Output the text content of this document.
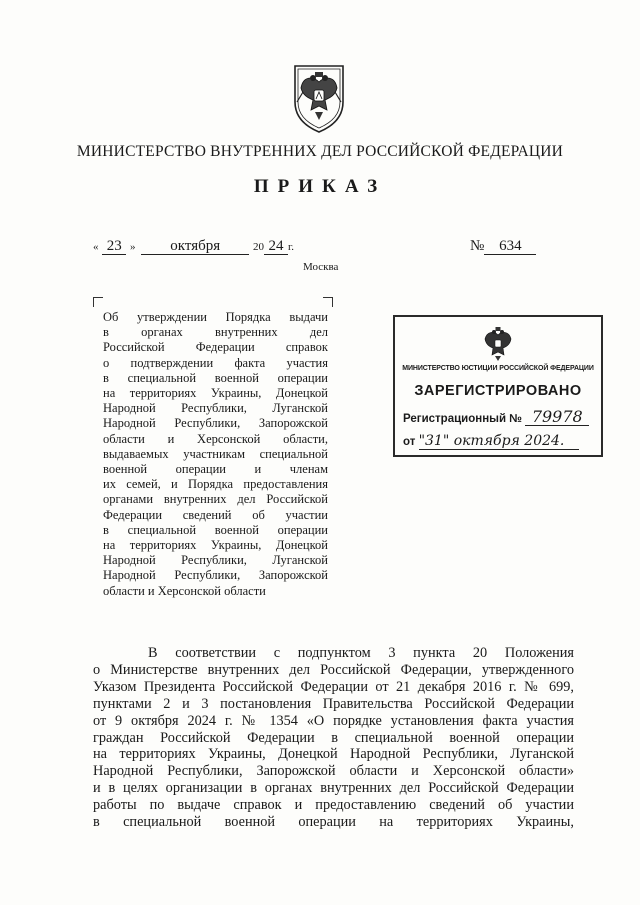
МИНИСТЕРСТВО ВНУТРЕННИХ ДЕЛ РОССИЙСКОЙ ФЕДЕРАЦИИ
ПРИКАЗ
« 23 » октября	20 24 г.	№ 634
Москва
Об утверждении Порядка выдачи
в органах внутренних дел
Российской Федерации справок
о подтверждении факта участия
в специальной военной операции
на территориях Украины, Донецкой
Народной Республики, Луганской
Народной Республики, Запорожской
области и Херсонской области,
выдаваемых участникам специальной
военной операции и членам
их семей, и Порядка предоставления
органами внутренних дел Российской
Федерации сведений об участии
в специальной военной операции
на территориях Украины, Донецкой
Народной Республики, Луганской
Народной Республики, Запорожской
области и Херсонской области
МИНИСТЕРСТВО ЮСТИЦИИ РОССИЙСКОЙ ФЕДЕРАЦИИ
ЗАРЕГИСТРИРОВАНО
Регистрационный № 79978
от "31" октября 2024.
В соответствии с подпунктом 3 пункта 20 Положения
о Министерстве внутренних дел Российской Федерации, утвержденного
Указом Президента Российской Федерации от 21 декабря 2016 г. № 699,
пунктами 2 и 3 постановления Правительства Российской Федерации
от 9 октября 2024 г. № 1354 «О порядке установления факта участия
граждан Российской Федерации в специальной военной операции
на территориях Украины, Донецкой Народной Республики, Луганской
Народной Республики, Запорожской области и Херсонской области»
и в целях организации в органах внутренних дел Российской Федерации
работы по выдаче справок и предоставлению сведений об участии
в специальной военной операции на территориях Украины,
